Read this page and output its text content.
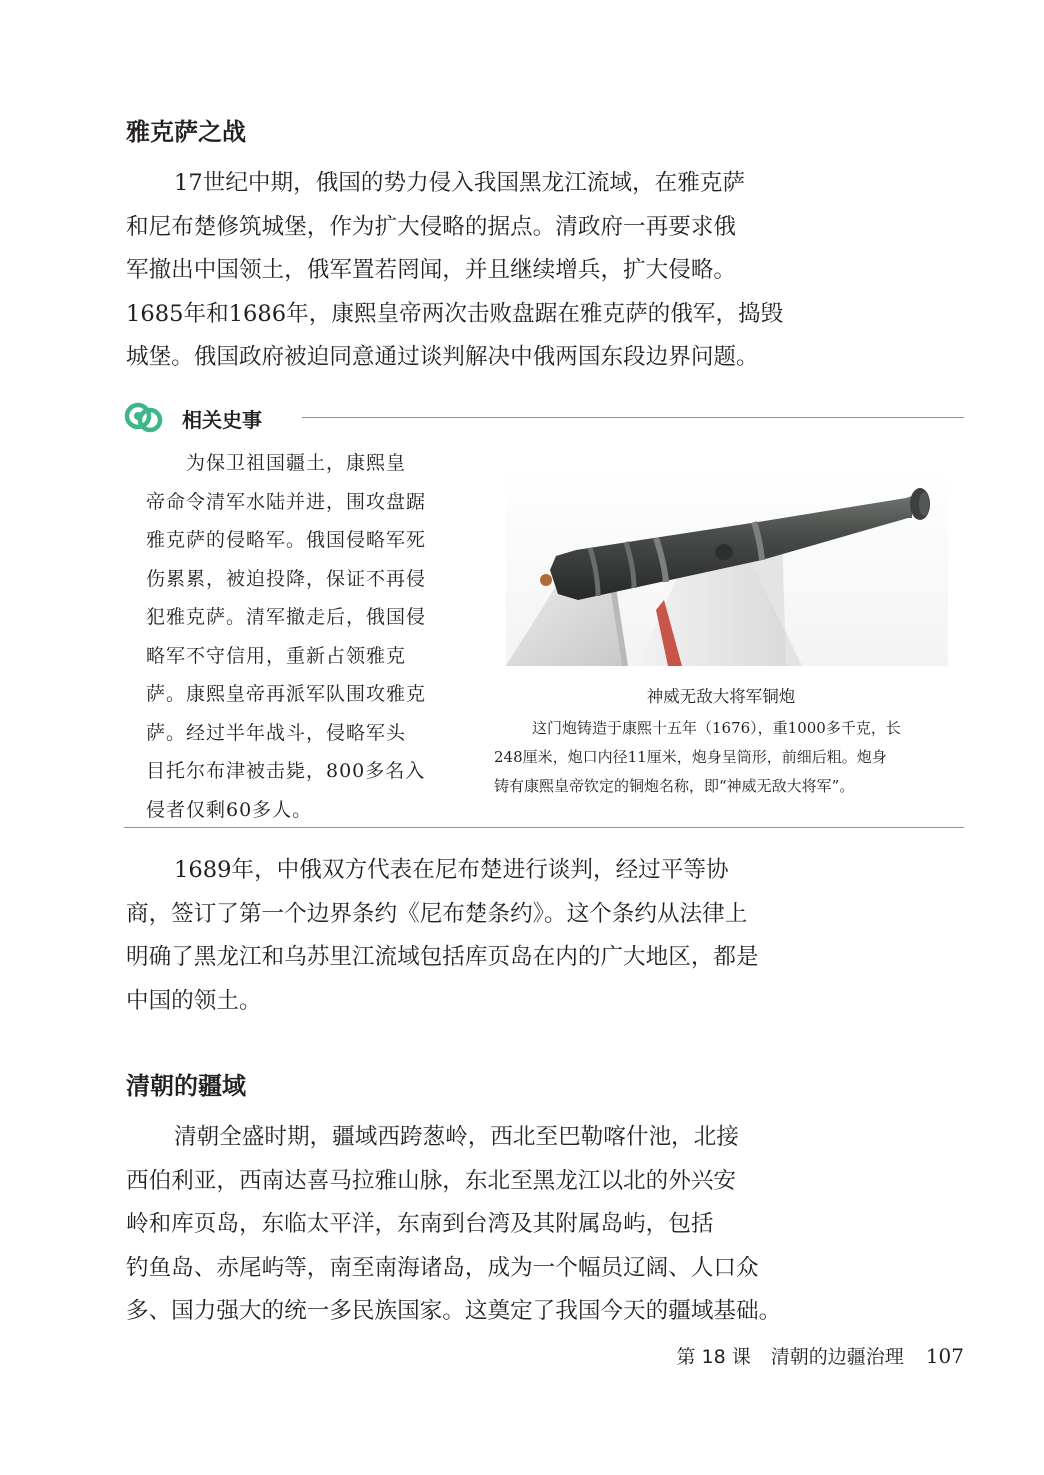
雅克萨之战

17世纪中期，俄国的势力侵入我国黑龙江流域，在雅克萨
和尼布楚修筑城堡，作为扩大侵略的据点。清政府一再要求俄
军撤出中国领土，俄军置若罔闻，并且继续增兵，扩大侵略。
1685年和1686年，康熙皇帝两次击败盘踞在雅克萨的俄军，捣毁
城堡。俄国政府被迫同意通过谈判解决中俄两国东段边界问题。

相关史事
为保卫祖国疆土，康熙皇
帝命令清军水陆并进，围攻盘踞
雅克萨的侵略军。俄国侵略军死
伤累累，被迫投降，保证不再侵
犯雅克萨。清军撤走后，俄国侵
略军不守信用，重新占领雅克
萨。康熙皇帝再派军队围攻雅克
萨。经过半年战斗，侵略军头
目托尔布津被击毙，800多名入
侵者仅剩60多人。
神威无敌大将军铜炮
这门炮铸造于康熙十五年（1676），重1000多千克，长
248厘米，炮口内径11厘米，炮身呈筒形，前细后粗。炮身
铸有康熙皇帝钦定的铜炮名称，即“神威无敌大将军”。

1689年，中俄双方代表在尼布楚进行谈判，经过平等协
商，签订了第一个边界条约《尼布楚条约》。这个条约从法律上
明确了黑龙江和乌苏里江流域包括库页岛在内的广大地区，都是
中国的领土。

清朝的疆域

清朝全盛时期，疆域西跨葱岭，西北至巴勒喀什池，北接
西伯利亚，西南达喜马拉雅山脉，东北至黑龙江以北的外兴安
岭和库页岛，东临太平洋，东南到台湾及其附属岛屿，包括
钓鱼岛、赤尾屿等，南至南海诸岛，成为一个幅员辽阔、人口众
多、国力强大的统一多民族国家。这奠定了我国今天的疆域基础。

第 18 课 清朝的边疆治理 107
